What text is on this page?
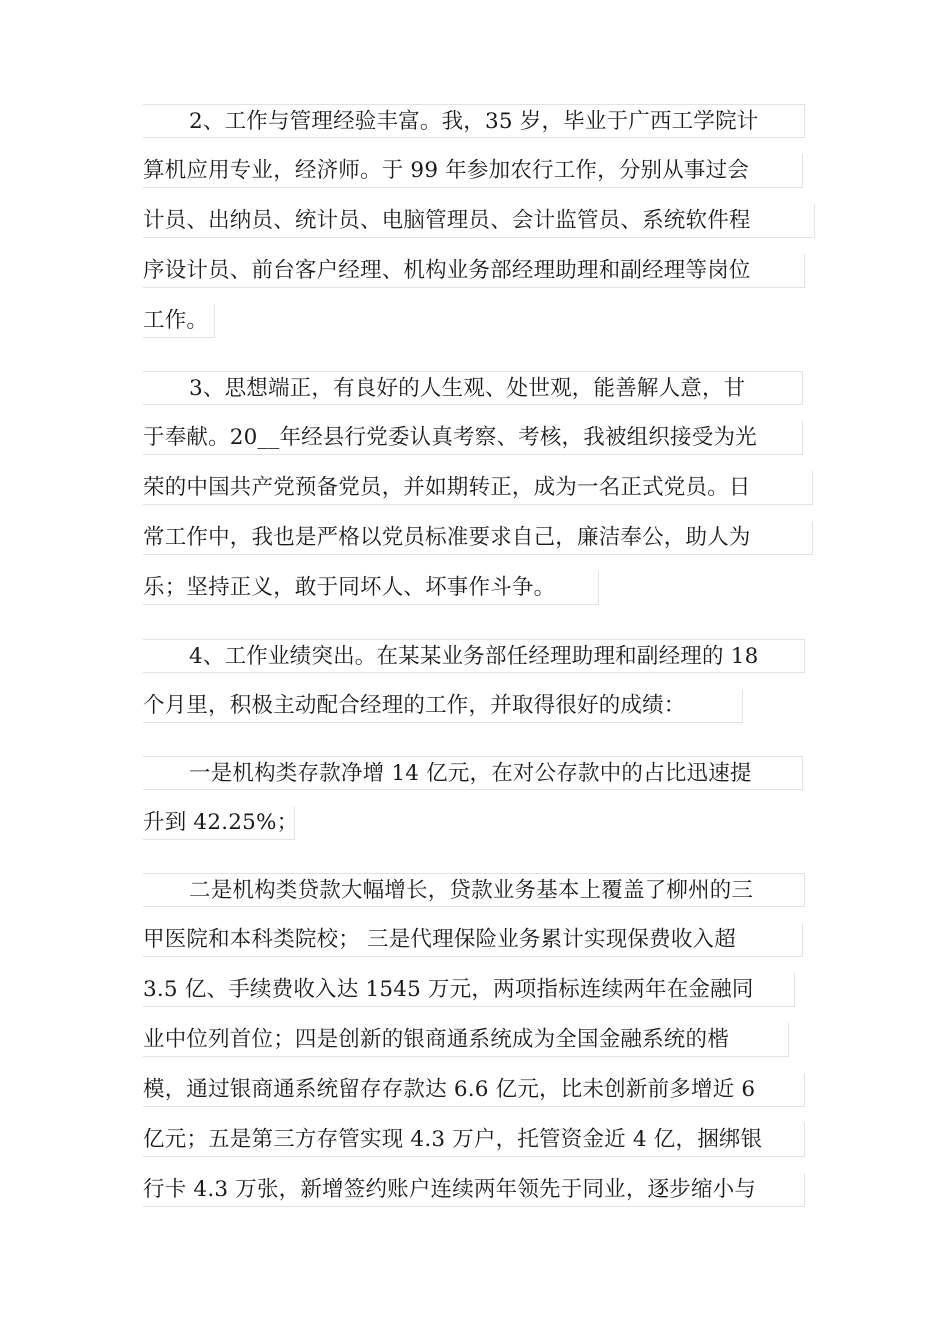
2、工作与管理经验丰富。我，35 岁，毕业于广西工学院计
算机应用专业，经济师。于 99 年参加农行工作，分别从事过会
计员、出纳员、统计员、电脑管理员、会计监管员、系统软件程
序设计员、前台客户经理、机构业务部经理助理和副经理等岗位
工作。
3、思想端正，有良好的人生观、处世观，能善解人意，甘
于奉献。20__年经县行党委认真考察、考核，我被组织接受为光
荣的中国共产党预备党员，并如期转正，成为一名正式党员。日
常工作中，我也是严格以党员标准要求自己，廉洁奉公，助人为
乐；坚持正义，敢于同坏人、坏事作斗争。
4、工作业绩突出。在某某业务部任经理助理和副经理的 18
个月里，积极主动配合经理的工作，并取得很好的成绩：
一是机构类存款净增 14 亿元，在对公存款中的占比迅速提
升到 42.25%；
二是机构类贷款大幅增长，贷款业务基本上覆盖了柳州的三
甲医院和本科类院校； 三是代理保险业务累计实现保费收入超
3.5 亿、手续费收入达 1545 万元，两项指标连续两年在金融同
业中位列首位；四是创新的银商通系统成为全国金融系统的楷
模，通过银商通系统留存存款达 6.6 亿元，比未创新前多增近 6
亿元；五是第三方存管实现 4.3 万户，托管资金近 4 亿，捆绑银
行卡 4.3 万张，新增签约账户连续两年领先于同业，逐步缩小与
